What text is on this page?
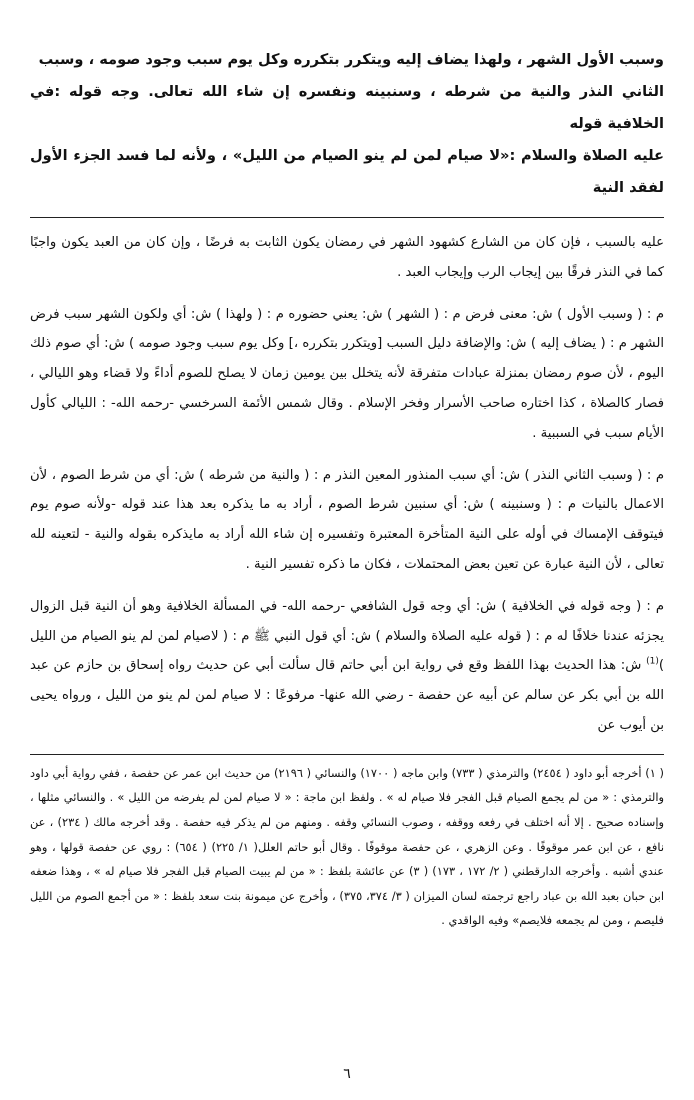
وسبب الأول الشهر ، ولهذا يضاف إليه ويتكرر بتكرره وكل يوم سبب وجود صومه ، وسبب

الثاني النذر والنية من شرطه ، وسنبينه ونفسره إن شاء الله تعالى. وجه قوله :في الخلافية قوله

عليه الصلاة والسلام :«لا صيام لمن لم ينو الصيام من الليل» ، ولأنه لما فسد الجزء الأول لفقد النية

عليه بالسبب ، فإن كان من الشارع كشهود الشهر في رمضان يكون الثابت به فرضًا ، وإن كان من العبد يكون واجبًا كما في النذر فرقًا بين إيجاب الرب وإيجاب العبد .

م : ( وسبب الأول ) ش: معنى فرض م : ( الشهر ) ش: يعني حضوره م : ( ولهذا ) ش: أي ولكون الشهر سبب فرض الشهر م : ( يضاف إليه ) ش: والإضافة دليل السبب [ويتكرر بتكرره ،] وكل يوم سبب وجود صومه ) ش: أي صوم ذلك اليوم ، لأن صوم رمضان بمنزلة عبادات متفرقة لأنه يتخلل بين يومين زمان لا يصلح للصوم أداءً ولا قضاء وهو الليالي ، فصار كالصلاة ، كذا اختاره صاحب الأسرار وفخر الإسلام . وقال شمس الأئمة السرخسي -رحمه الله- : الليالي كأول الأيام سبب في السببية .

م : ( وسبب الثاني النذر ) ش: أي سبب المنذور المعين النذر م : ( والنية من شرطه ) ش: أي من شرط الصوم ، لأن الاعمال بالنيات م : ( وسنبينه ) ش: أي سنبين شرط الصوم ، أراد به ما يذكره بعد هذا عند قوله -ولأنه صوم يوم فيتوقف الإمساك في أوله على النية المتأخرة المعتبرة وتفسيره إن شاء الله أراد به مايذكره بقوله والنية - لتعينه لله تعالى ، لأن النية عبارة عن تعين بعض المحتملات ، فكان ما ذكره تفسير النية .

م : ( وجه قوله في الخلافية ) ش: أي وجه قول الشافعي -رحمه الله- في المسألة الخلافية وهو أن النية قبل الزوال يجزئه عندنا خلافًا له م : ( قوله عليه الصلاة والسلام ) ش: أي قول النبي ﷺ م : ( لاصيام لمن لم ينو الصيام من الليل )$^{(1)}$ ش: هذا الحديث بهذا اللفظ وقع في رواية ابن أبي حاتم قال سألت أبي عن حديث رواه إسحاق بن حازم عن عبد الله بن أبي بكر عن سالم عن أبيه عن حفصة - رضي الله عنها- مرفوعًا : لا صيام لمن لم ينو من الليل ، ورواه يحيى بن أيوب عن

( ١) أخرجه أبو داود ( ٢٤٥٤) والترمذي ( ٧٣٣) وابن ماجه ( ١٧٠٠) والنسائي ( ٢١٩٦) من حديث ابن عمر عن حفصة ، ففي رواية أبي داود والترمذي : « من لم يجمع الصيام قبل الفجر فلا صيام له » . ولفظ ابن ماجة : « لا صيام لمن لم يفرضه من الليل » . والنسائي مثلها ، وإسناده صحيح . إلا أنه اختلف في رفعه ووقفه ، وصوب النسائي وقفه . ومنهم من لم يذكر فيه حفصة . وقد أخرجه مالك ( ٢٣٤) ، عن نافع ، عن ابن عمر موقوفًا . وعن الزهري ، عن حفصة موقوفًا . وقال أبو حاتم العلل( ١/ ٢٢٥) ( ٦٥٤) : روي عن حفصة قولها ، وهو عندي أشبه . وأخرجه الدارقطني ( ٢/ ١٧٢ ، ١٧٣) ( ٣) عن عائشة بلفظ : « من لم يبيت الصيام قبل الفجر فلا صيام له » ، وهذا ضعفه ابن حبان بعبد الله بن عباد راجع ترجمته لسان الميزان ( ٣/ ٣٧٤، ٣٧٥) ، وأخرج عن ميمونة بنت سعد بلفظ : « من أجمع الصوم من الليل فليصم ، ومن لم يجمعه فلايصم» وفيه الواقدي .

٦
